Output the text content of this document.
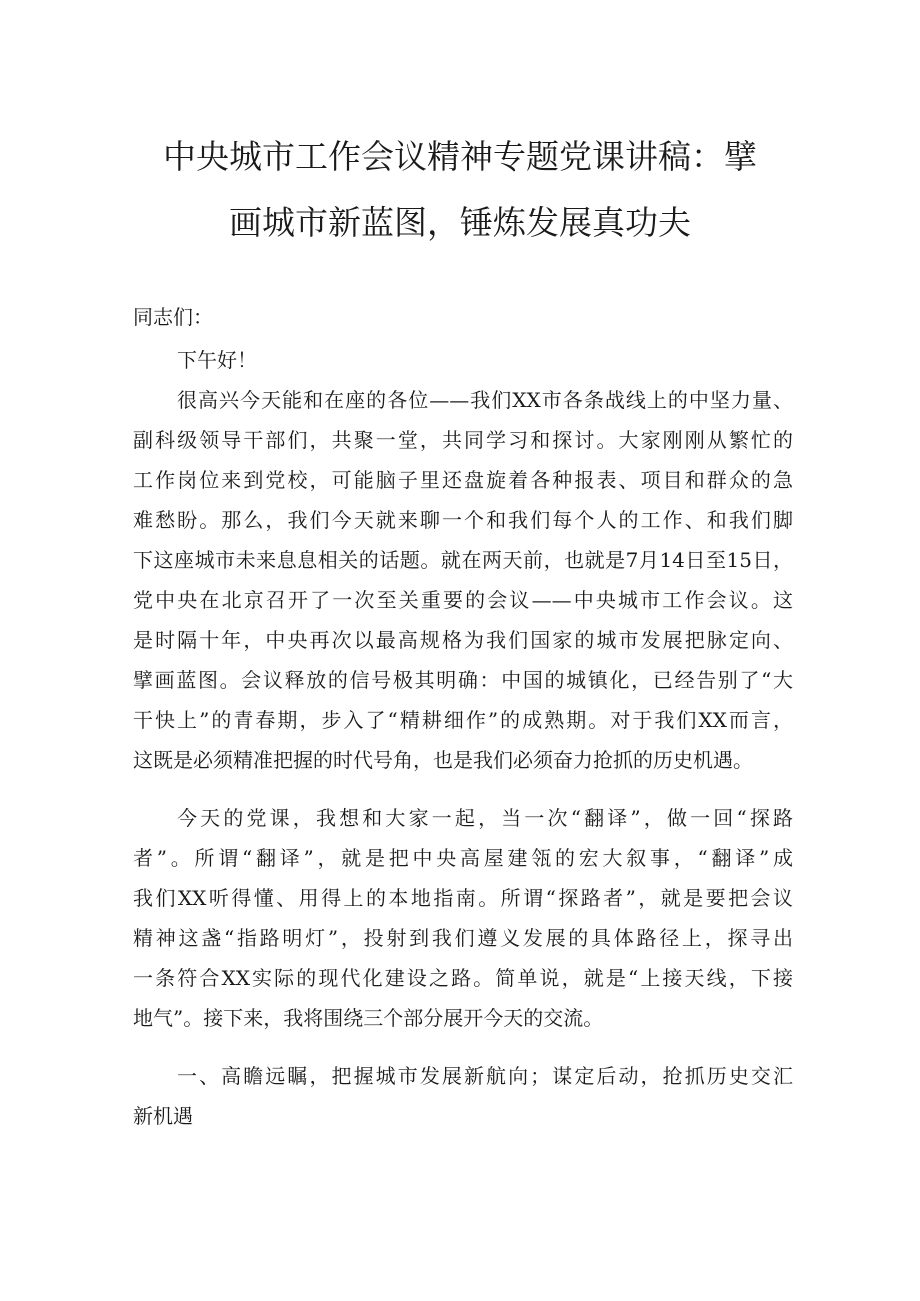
中央城市工作会议精神专题党课讲稿：擘
画城市新蓝图，锤炼发展真功夫
同志们：
下午好！
很高兴今天能和在座的各位——我们XX市各条战线上的中坚力量、
副科级领导干部们，共聚一堂，共同学习和探讨。大家刚刚从繁忙的
工作岗位来到党校，可能脑子里还盘旋着各种报表、项目和群众的急
难愁盼。那么，我们今天就来聊一个和我们每个人的工作、和我们脚
下这座城市未来息息相关的话题。就在两天前，也就是7月14日至15日，
党中央在北京召开了一次至关重要的会议——中央城市工作会议。这
是时隔十年，中央再次以最高规格为我们国家的城市发展把脉定向、
擘画蓝图。会议释放的信号极其明确：中国的城镇化，已经告别了“大
干快上”的青春期，步入了“精耕细作”的成熟期。对于我们XX而言，
这既是必须精准把握的时代号角，也是我们必须奋力抢抓的历史机遇。
今天的党课，我想和大家一起，当一次“翻译”，做一回“探路
者”。所谓“翻译”，就是把中央高屋建瓴的宏大叙事，“翻译”成
我们XX听得懂、用得上的本地指南。所谓“探路者”，就是要把会议
精神这盏“指路明灯”，投射到我们遵义发展的具体路径上，探寻出
一条符合XX实际的现代化建设之路。简单说，就是“上接天线，下接
地气”。接下来，我将围绕三个部分展开今天的交流。
一、高瞻远瞩，把握城市发展新航向；谋定后动，抢抓历史交汇
新机遇
